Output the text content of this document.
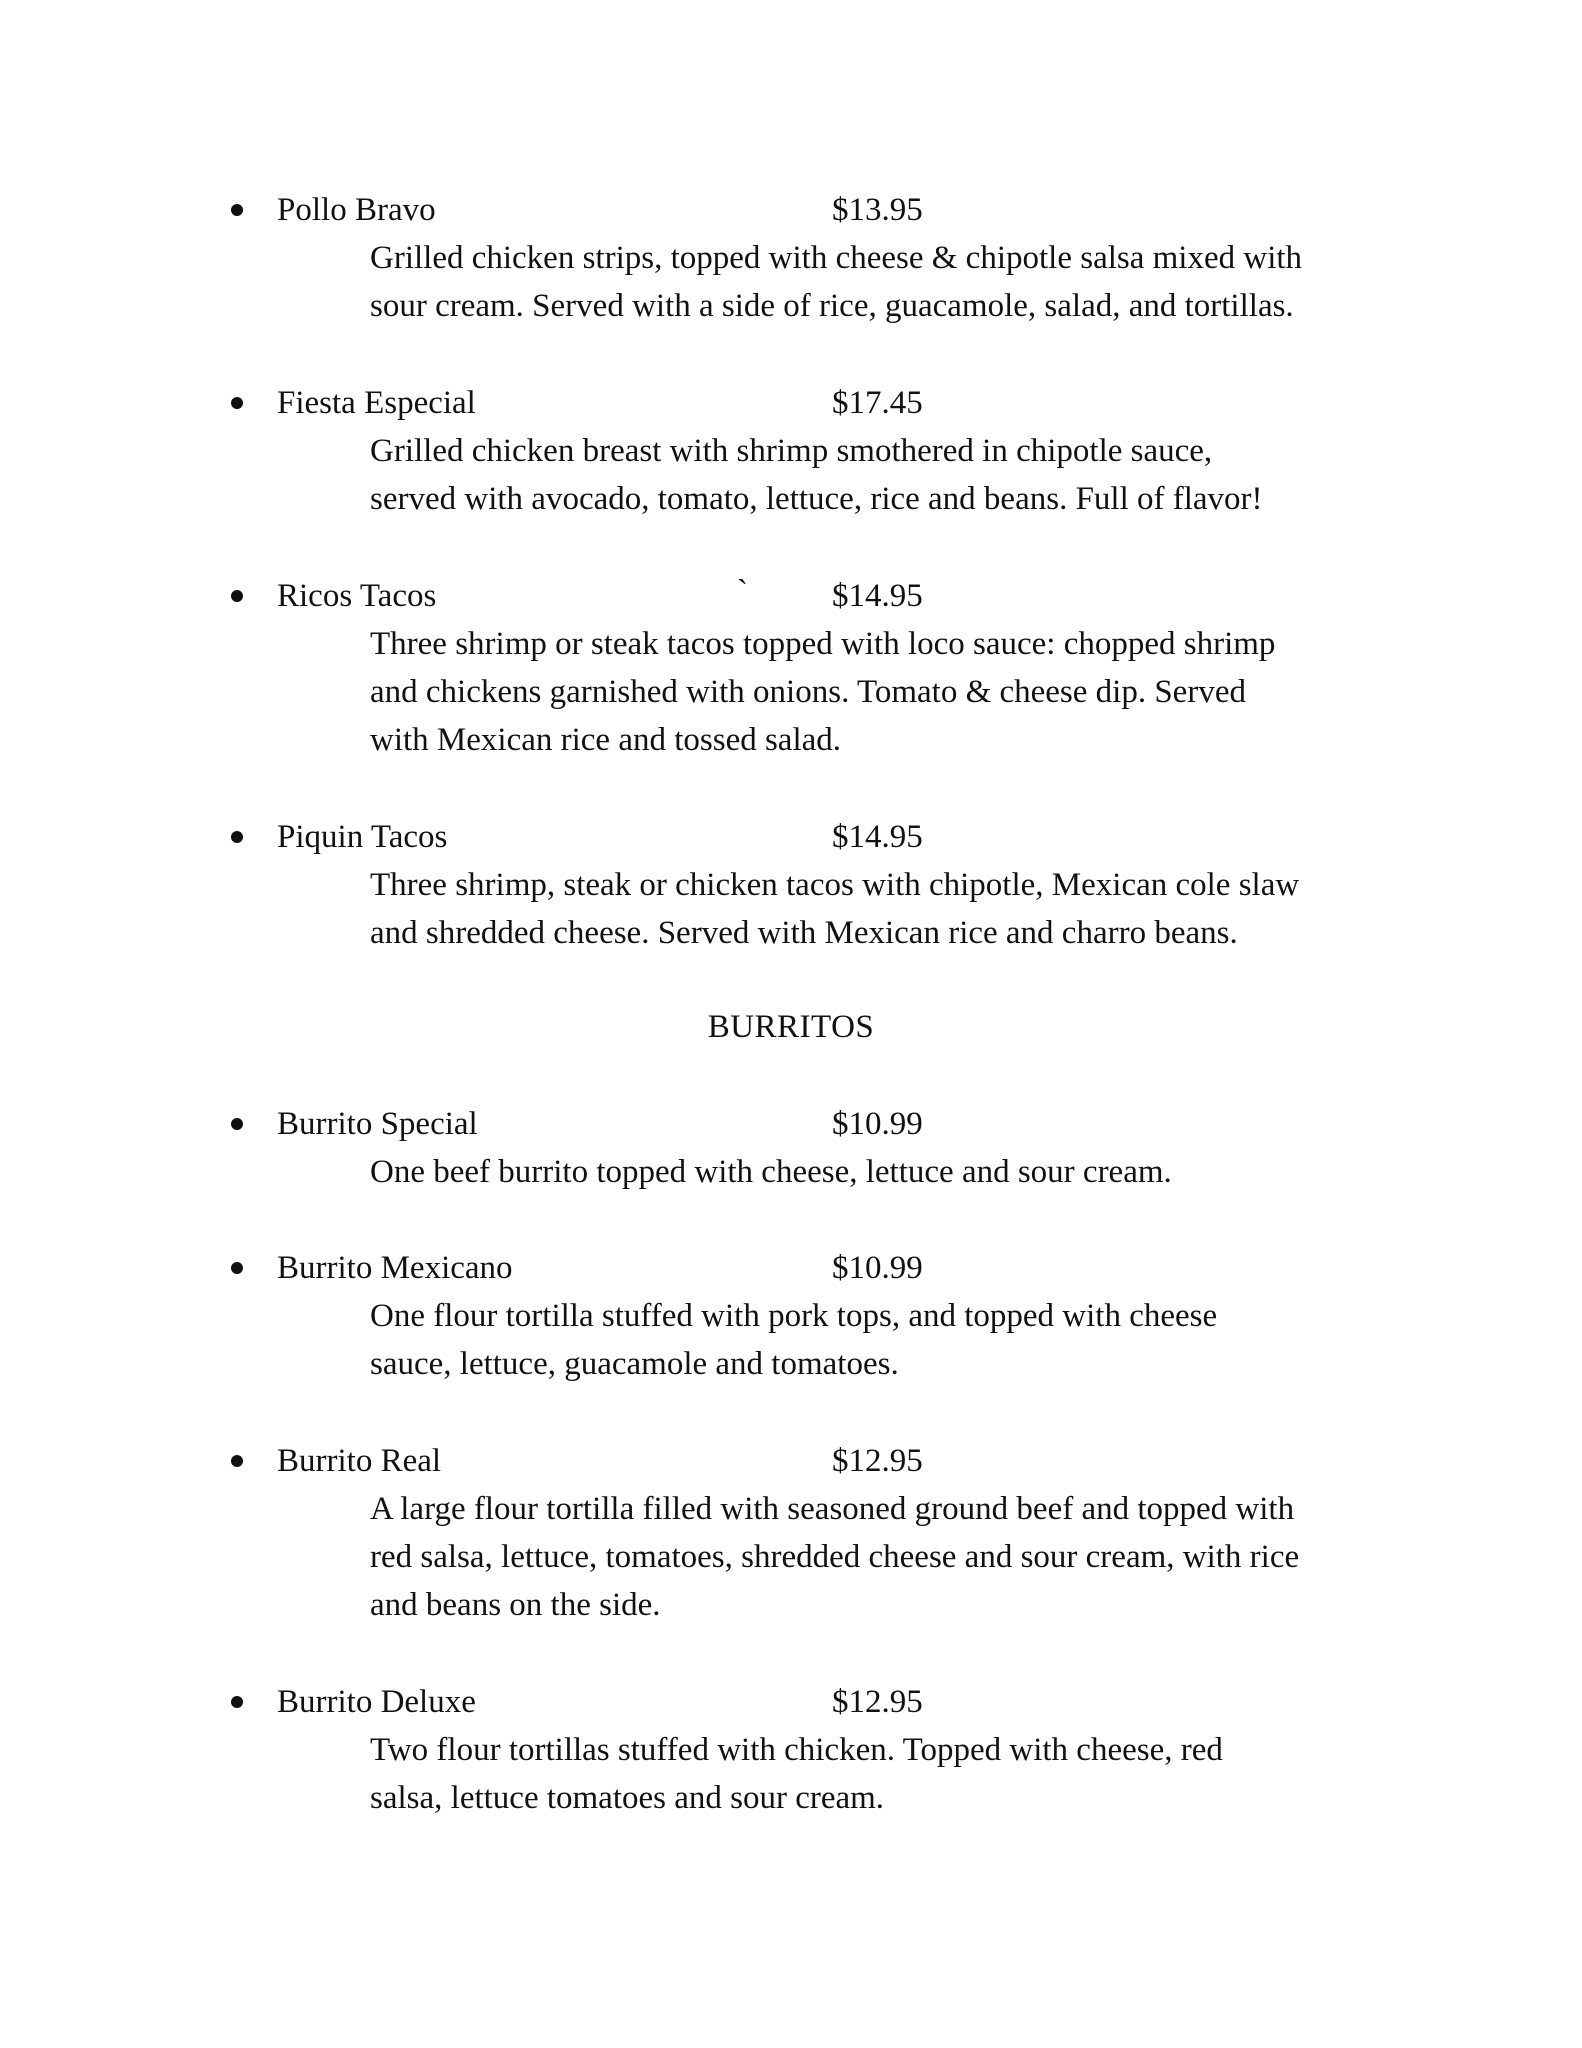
Pollo Bravo	$13.95
Grilled chicken strips, topped with cheese & chipotle salsa mixed with
sour cream. Served with a side of rice, guacamole, salad, and tortillas.
Fiesta Especial	$17.45
Grilled chicken breast with shrimp smothered in chipotle sauce,
served with avocado, tomato, lettuce, rice and beans. Full of flavor!
Ricos Tacos	`	$14.95
Three shrimp or steak tacos topped with loco sauce: chopped shrimp
and chickens garnished with onions. Tomato & cheese dip. Served
with Mexican rice and tossed salad.
Piquin Tacos	$14.95
Three shrimp, steak or chicken tacos with chipotle, Mexican cole slaw
and shredded cheese. Served with Mexican rice and charro beans.
BURRITOS
Burrito Special	$10.99
One beef burrito topped with cheese, lettuce and sour cream.
Burrito Mexicano	$10.99
One flour tortilla stuffed with pork tops, and topped with cheese
sauce, lettuce, guacamole and tomatoes.
Burrito Real	$12.95
A large flour tortilla filled with seasoned ground beef and topped with
red salsa, lettuce, tomatoes, shredded cheese and sour cream, with rice
and beans on the side.
Burrito Deluxe	$12.95
Two flour tortillas stuffed with chicken. Topped with cheese, red
salsa, lettuce tomatoes and sour cream.
